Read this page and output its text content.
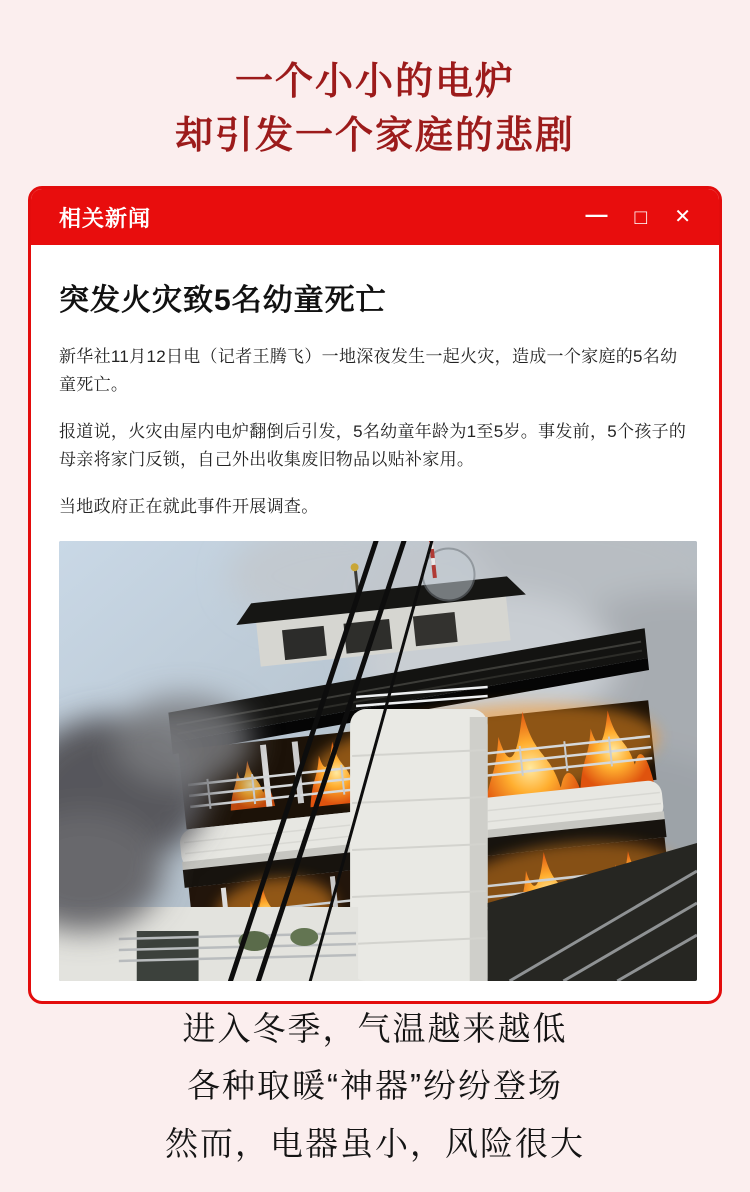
一个小小的电炉
却引发一个家庭的悲剧
相关新闻	— □ ✕
突发火灾致5名幼童死亡

新华社11月12日电（记者王腾飞）一地深夜发生一起火灾，造成一个家庭的5名幼童死亡。

报道说，火灾由屋内电炉翻倒后引发，5名幼童年龄为1至5岁。事发前，5个孩子的母亲将家门反锁，自己外出收集废旧物品以贴补家用。

当地政府正在就此事件开展调查。

进入冬季，气温越来越低
各种取暖“神器”纷纷登场
然而，电器虽小，风险很大
